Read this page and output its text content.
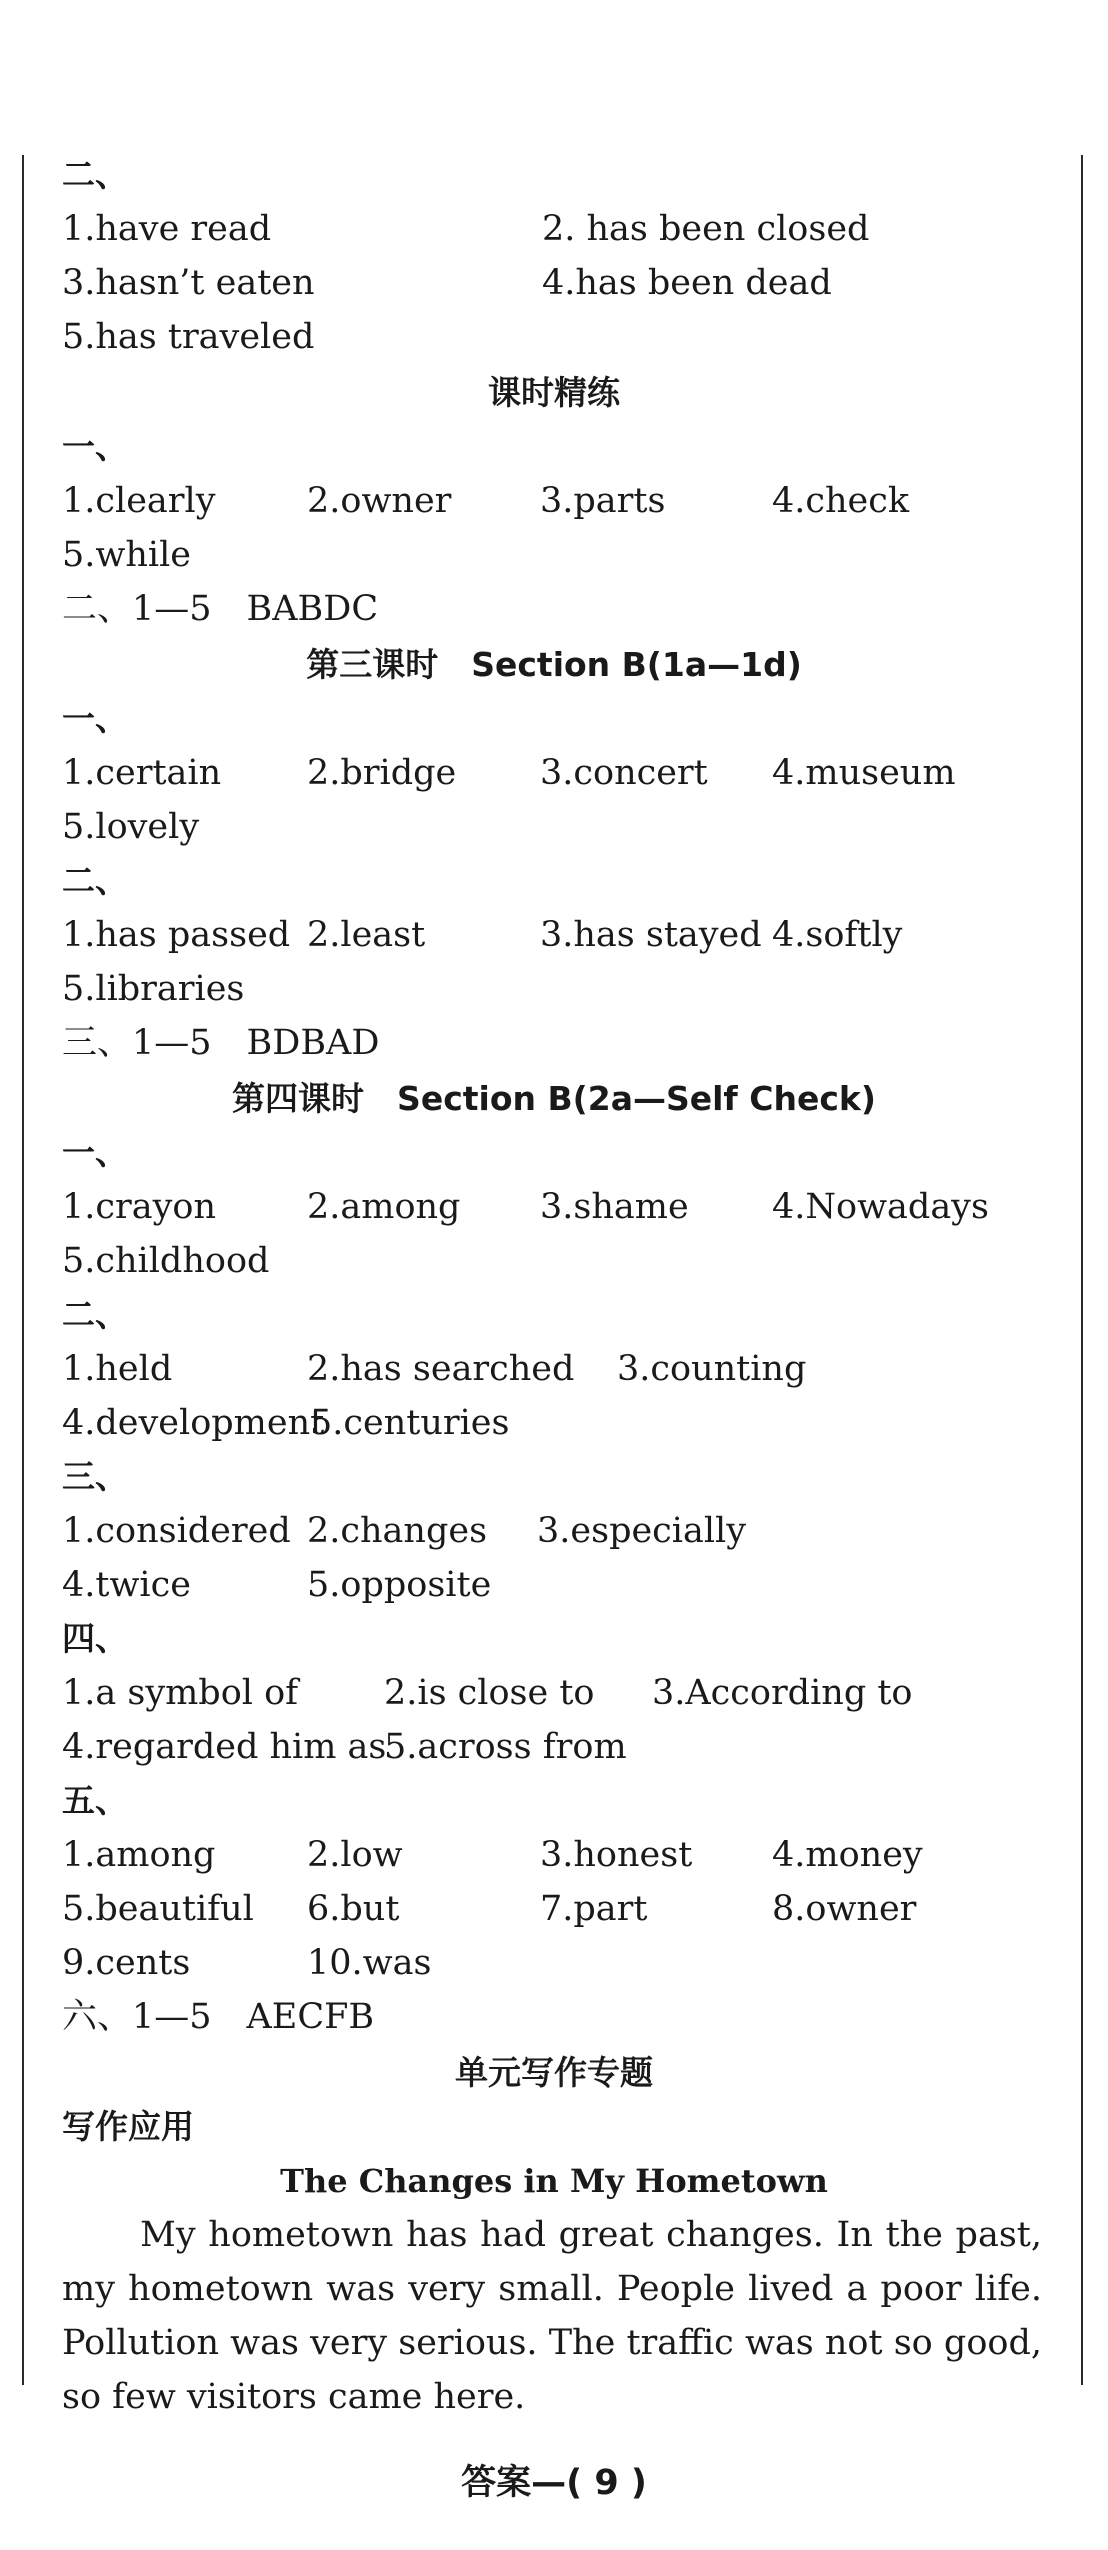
二、
1.have read	2. has been closed
3.hasn’t eaten	4.has been dead
5.has traveled
课时精练
一、
1.clearly	2.owner	3.parts	4.check
5.while
二、1—5　BABDC
第三课时　Section B(1a—1d)
一、
1.certain 2.bridge 3.concert 4.museum
5.lovely
二、
1.has passed 2.least	3.has stayed 4.softly
5.libraries
三、1—5　BDBAD
第四课时　Section B(2a—Self Check)
一、
1.crayon	2.among 3.shame 4.Nowadays
5.childhood
二、
1.held	2.has searched 3.counting
4.development
5.centuries
三、
1.considered 2.changes 3.especially
4.twice	5.opposite
四、
1.a symbol of 2.is close to 3.According to
4.regarded him as
5.across from
五、
1.among	2.low	3.honest 4.money
5.beautiful 6.but	7.part	8.owner
9.cents	10.was
六、1—5　AECFB
单元写作专题
写作应用
The Changes in My Hometown
My hometown has had great changes. In the past, my hometown was very small. People lived a poor life. Pollution was very serious. The traffic was not so good, so few visitors came here.
答案—( 9 )
